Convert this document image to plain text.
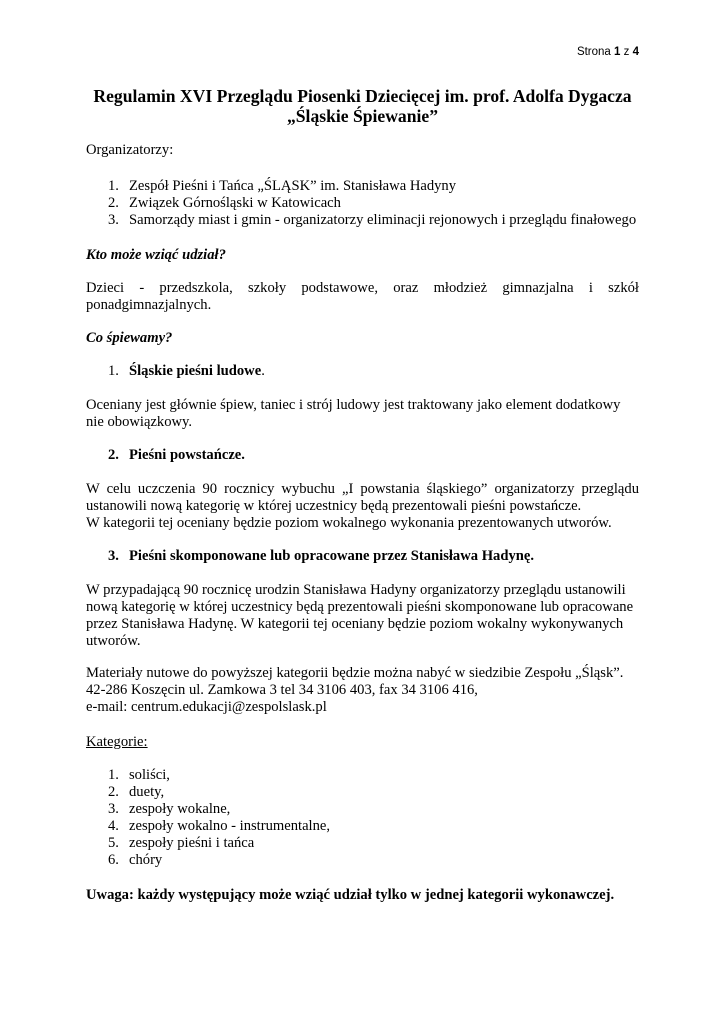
Strona 1 z 4
Regulamin XVI Przeglądu Piosenki Dziecięcej im. prof. Adolfa Dygacza
„Śląskie Śpiewanie”
Organizatorzy:
1. Zespół Pieśni i Tańca „ŚLĄSK” im. Stanisława Hadyny
2. Związek Górnośląski w Katowicach
3. Samorządy miast i gmin - organizatorzy eliminacji rejonowych i przeglądu finałowego
Kto może wziąć udział?
Dzieci - przedszkola, szkoły podstawowe, oraz młodzież gimnazjalna i szkół
ponadgimnazjalnych.
Co śpiewamy?
1. Śląskie pieśni ludowe.
Oceniany jest głównie śpiew, taniec i strój ludowy jest traktowany jako element dodatkowy
nie obowiązkowy.
2. Pieśni powstańcze.
W celu uczczenia 90 rocznicy wybuchu „I powstania śląskiego” organizatorzy przeglądu
ustanowili nową kategorię w której uczestnicy będą prezentowali pieśni powstańcze.
W kategorii tej oceniany będzie poziom wokalnego wykonania prezentowanych utworów.
3. Pieśni skomponowane lub opracowane przez Stanisława Hadynę.
W przypadającą 90 rocznicę urodzin Stanisława Hadyny organizatorzy przeglądu ustanowili
nową kategorię w której uczestnicy będą prezentowali pieśni skomponowane lub opracowane
przez Stanisława Hadynę. W kategorii tej oceniany będzie poziom wokalny wykonywanych
utworów.
Materiały nutowe do powyższej kategorii będzie można nabyć w siedzibie Zespołu „Śląsk”.
42-286 Koszęcin ul. Zamkowa 3 tel 34 3106 403, fax 34 3106 416,
e-mail: centrum.edukacji@zespolslask.pl
Kategorie:
1. soliści,
2. duety,
3. zespoły wokalne,
4. zespoły wokalno - instrumentalne,
5. zespoły pieśni i tańca
6. chóry
Uwaga: każdy występujący może wziąć udział tylko w jednej kategorii wykonawczej.
